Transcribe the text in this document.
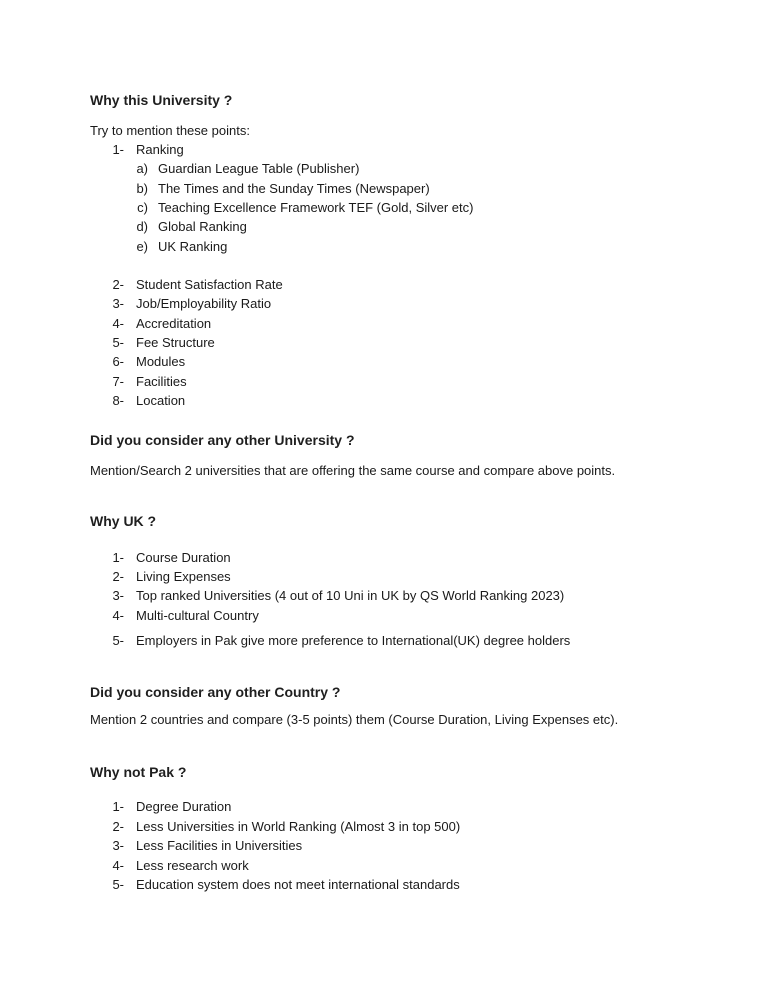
Why this University ?

Try to mention these points:

1- Ranking
a) Guardian League Table (Publisher)
b) The Times and the Sunday Times (Newspaper)
c) Teaching Excellence Framework TEF (Gold, Silver etc)
d) Global Ranking
e) UK Ranking
2- Student Satisfaction Rate
3- Job/Employability Ratio
4- Accreditation
5- Fee Structure
6- Modules
7- Facilities
8- Location
Did you consider any other University ?

Mention/Search 2 universities that are offering the same course and compare above points.

Why UK ?
1- Course Duration
2- Living Expenses
3- Top ranked Universities (4 out of 10 Uni in UK by QS World Ranking 2023)
4- Multi-cultural Country
5- Employers in Pak give more preference to International(UK) degree holders
Did you consider any other Country ?

Mention 2 countries and compare (3-5 points) them (Course Duration, Living Expenses etc).

Why not Pak ?
1- Degree Duration
2- Less Universities in World Ranking (Almost 3 in top 500)
3- Less Facilities in Universities
4- Less research work
5- Education system does not meet international standards
